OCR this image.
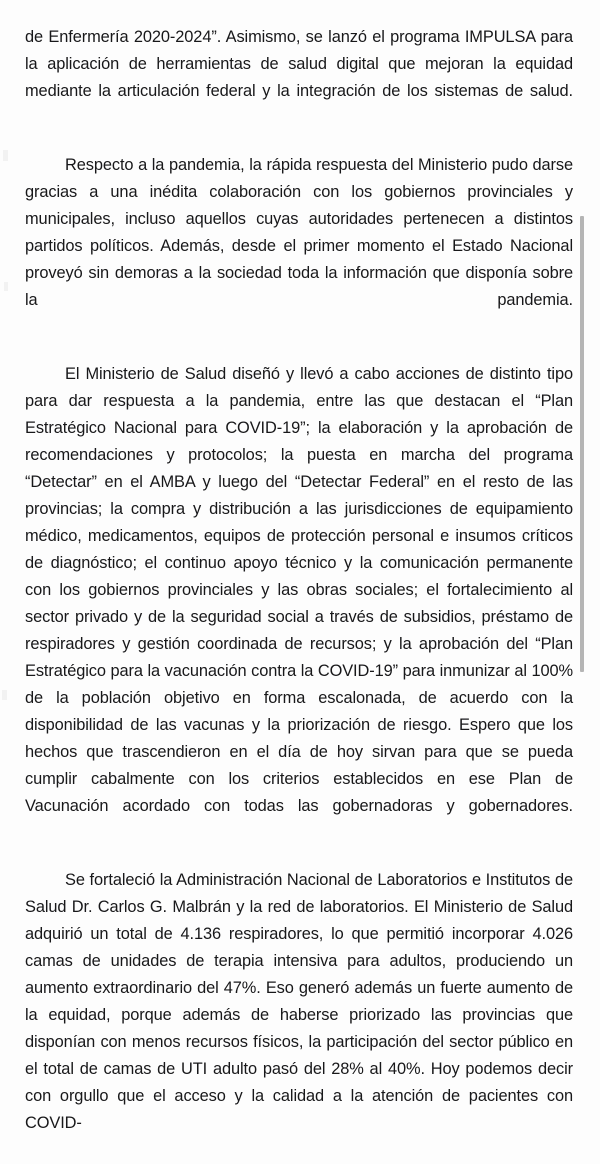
de Enfermería 2020-2024”. Asimismo, se lanzó el programa IMPULSA para la aplicación de herramientas de salud digital que mejoran la equidad mediante la articulación federal y la integración de los sistemas de salud.

Respecto a la pandemia, la rápida respuesta del Ministerio pudo darse gracias a una inédita colaboración con los gobiernos provinciales y municipales, incluso aquellos cuyas autoridades pertenecen a distintos partidos políticos. Además, desde el primer momento el Estado Nacional proveyó sin demoras a la sociedad toda la información que disponía sobre la pandemia.

El Ministerio de Salud diseñó y llevó a cabo acciones de distinto tipo para dar respuesta a la pandemia, entre las que destacan el “Plan Estratégico Nacional para COVID-19”; la elaboración y la aprobación de recomendaciones y protocolos; la puesta en marcha del programa “Detectar” en el AMBA y luego del “Detectar Federal” en el resto de las provincias; la compra y distribución a las jurisdicciones de equipamiento médico, medicamentos, equipos de protección personal e insumos críticos de diagnóstico; el continuo apoyo técnico y la comunicación permanente con los gobiernos provinciales y las obras sociales; el fortalecimiento al sector privado y de la seguridad social a través de subsidios, préstamo de respiradores y gestión coordinada de recursos; y la aprobación del “Plan Estratégico para la vacunación contra la COVID-19” para inmunizar al 100% de la población objetivo en forma escalonada, de acuerdo con la disponibilidad de las vacunas y la priorización de riesgo. Espero que los hechos que trascendieron en el día de hoy sirvan para que se pueda cumplir cabalmente con los criterios establecidos en ese Plan de Vacunación acordado con todas las gobernadoras y gobernadores.

Se fortaleció la Administración Nacional de Laboratorios e Institutos de Salud Dr. Carlos G. Malbrán y la red de laboratorios. El Ministerio de Salud adquirió un total de 4.136 respiradores, lo que permitió incorporar 4.026 camas de unidades de terapia intensiva para adultos, produciendo un aumento extraordinario del 47%. Eso generó además un fuerte aumento de la equidad, porque además de haberse priorizado las provincias que disponían con menos recursos físicos, la participación del sector público en el total de camas de UTI adulto pasó del 28% al 40%. Hoy podemos decir con orgullo que el acceso y la calidad a la atención de pacientes con COVID-
